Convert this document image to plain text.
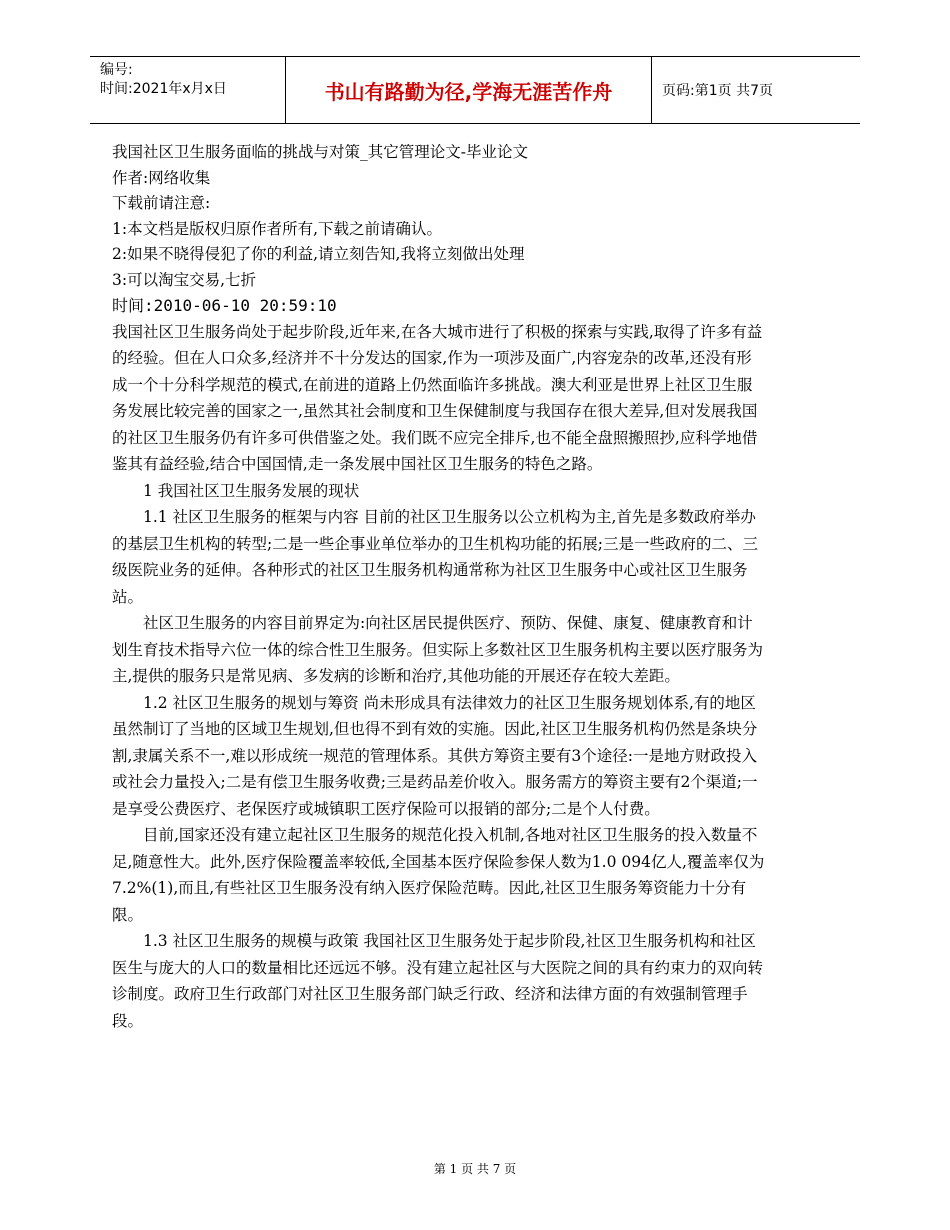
编号:
时间:2021年x月x日	书山有路勤为径,学海无涯苦作舟	页码:第1页 共7页

我国社区卫生服务面临的挑战与对策_其它管理论文-毕业论文

作者:网络收集

下载前请注意:

1:本文档是版权归原作者所有,下载之前请确认。

2:如果不晓得侵犯了你的利益,请立刻告知,我将立刻做出处理

3:可以淘宝交易,七折

时间:2010-06-10 20:59:10

我国社区卫生服务尚处于起步阶段,近年来,在各大城市进行了积极的探索与实践,取得了许多有益的经验。但在人口众多,经济并不十分发达的国家,作为一项涉及面广,内容宠杂的改革,还没有形成一个十分科学规范的模式,在前进的道路上仍然面临许多挑战。澳大利亚是世界上社区卫生服务发展比较完善的国家之一,虽然其社会制度和卫生保健制度与我国存在很大差异,但对发展我国的社区卫生服务仍有许多可供借鉴之处。我们既不应完全排斥,也不能全盘照搬照抄,应科学地借鉴其有益经验,结合中国国情,走一条发展中国社区卫生服务的特色之路。

1 我国社区卫生服务发展的现状

1.1 社区卫生服务的框架与内容 目前的社区卫生服务以公立机构为主,首先是多数政府举办的基层卫生机构的转型;二是一些企事业单位举办的卫生机构功能的拓展;三是一些政府的二、三级医院业务的延伸。各种形式的社区卫生服务机构通常称为社区卫生服务中心或社区卫生服务站。

社区卫生服务的内容目前界定为:向社区居民提供医疗、预防、保健、康复、健康教育和计划生育技术指导六位一体的综合性卫生服务。但实际上多数社区卫生服务机构主要以医疗服务为主,提供的服务只是常见病、多发病的诊断和治疗,其他功能的开展还存在较大差距。

1.2 社区卫生服务的规划与筹资 尚未形成具有法律效力的社区卫生服务规划体系,有的地区虽然制订了当地的区域卫生规划,但也得不到有效的实施。因此,社区卫生服务机构仍然是条块分割,隶属关系不一,难以形成统一规范的管理体系。其供方筹资主要有3个途径:一是地方财政投入或社会力量投入;二是有偿卫生服务收费;三是药品差价收入。服务需方的筹资主要有2个渠道;一是享受公费医疗、老保医疗或城镇职工医疗保险可以报销的部分;二是个人付费。

目前,国家还没有建立起社区卫生服务的规范化投入机制,各地对社区卫生服务的投入数量不足,随意性大。此外,医疗保险覆盖率较低,全国基本医疗保险参保人数为1.0 094亿人,覆盖率仅为7.2%(1),而且,有些社区卫生服务没有纳入医疗保险范畴。因此,社区卫生服务筹资能力十分有限。

1.3 社区卫生服务的规模与政策 我国社区卫生服务处于起步阶段,社区卫生服务机构和社区医生与庞大的人口的数量相比还远远不够。没有建立起社区与大医院之间的具有约束力的双向转诊制度。政府卫生行政部门对社区卫生服务部门缺乏行政、经济和法律方面的有效强制管理手段。

第 1 页 共 7 页
